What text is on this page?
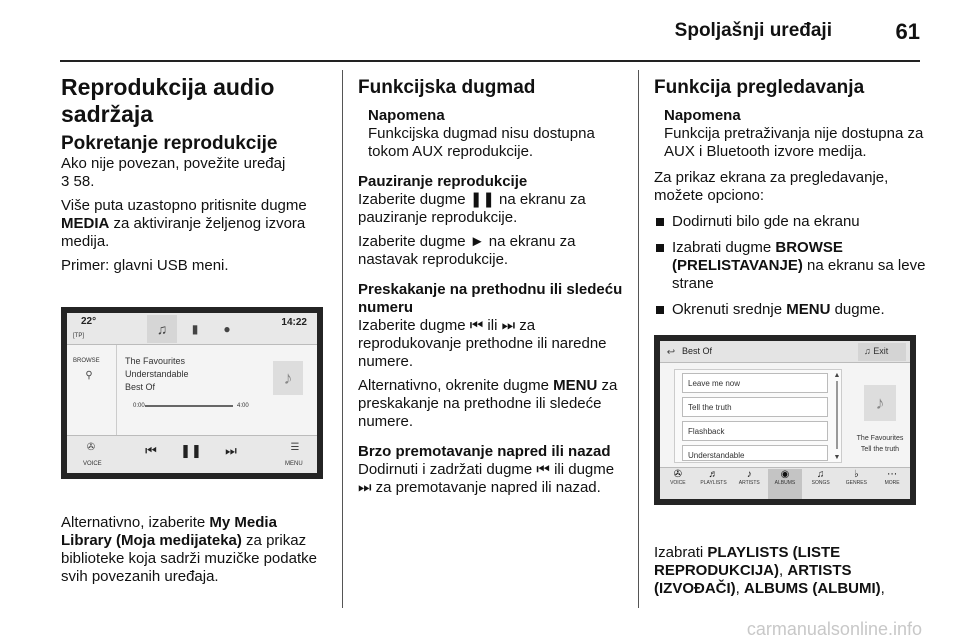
Spoljašnji uređaji	61
Reprodukcija audio sadržaja
Pokretanje reprodukcije
Ako nije povezan, povežite uređaj
3 58.
Više puta uzastopno pritisnite dugme MEDIA za aktiviranje željenog izvora medija.
Primer: glavni USB meni.
22°
[TP]	♫	▮	●	14:22
BROWSE
⚲
The Favourites
Understandable
Best Of	♪
0:00	4:00
✇
VOICE
⏮	❚❚	⏭	☰
MENU
Alternativno, izaberite My Media Library (Moja medijateka) za prikaz biblioteke koja sadrži muzičke podatke svih povezanih uređaja.
Funkcijska dugmad
Napomena
Funkcijska dugmad nisu dostupna tokom AUX reprodukcije.
Pauziranje reprodukcije
Izaberite dugme ❚❚ na ekranu za pauziranje reprodukcije.
Izaberite dugme ► na ekranu za nastavak reprodukcije.
Preskakanje na prethodnu ili sledeću numeru
Izaberite dugme ⏮ ili ⏭ za reprodukovanje prethodne ili naredne numere.
Alternativno, okrenite dugme MENU za preskakanje na prethodne ili sledeće numere.
Brzo premotavanje napred ili nazad
Dodirnuti i zadržati dugme ⏮ ili dugme ⏭ za premotavanje napred ili nazad.
Funkcija pregledavanja
Napomena
Funkcija pretraživanja nije dostupna za AUX i Bluetooth izvore medija.
Za prikaz ekrana za pregledavanje, možete opciono:
Dodirnuti bilo gde na ekranu
Izabrati dugme BROWSE (PRELISTAVANJE) na ekranu sa leve strane
Okrenuti srednje MENU dugme.
↩ Best Of	♫ Exit
Leave me now
Tell the truth
Flashback
Understandable
▲
▼
♪
The Favourites
Tell the truth
✇
VOICE
♬
PLAYLISTS
♪
ARTISTS
◉
ALBUMS
♫
SONGS
♭
GENRES
⋯
MORE
Izabrati PLAYLISTS (LISTE REPRODUKCIJA), ARTISTS (IZVOĐAČI), ALBUMS (ALBUMI),
carmanualsonline.info
